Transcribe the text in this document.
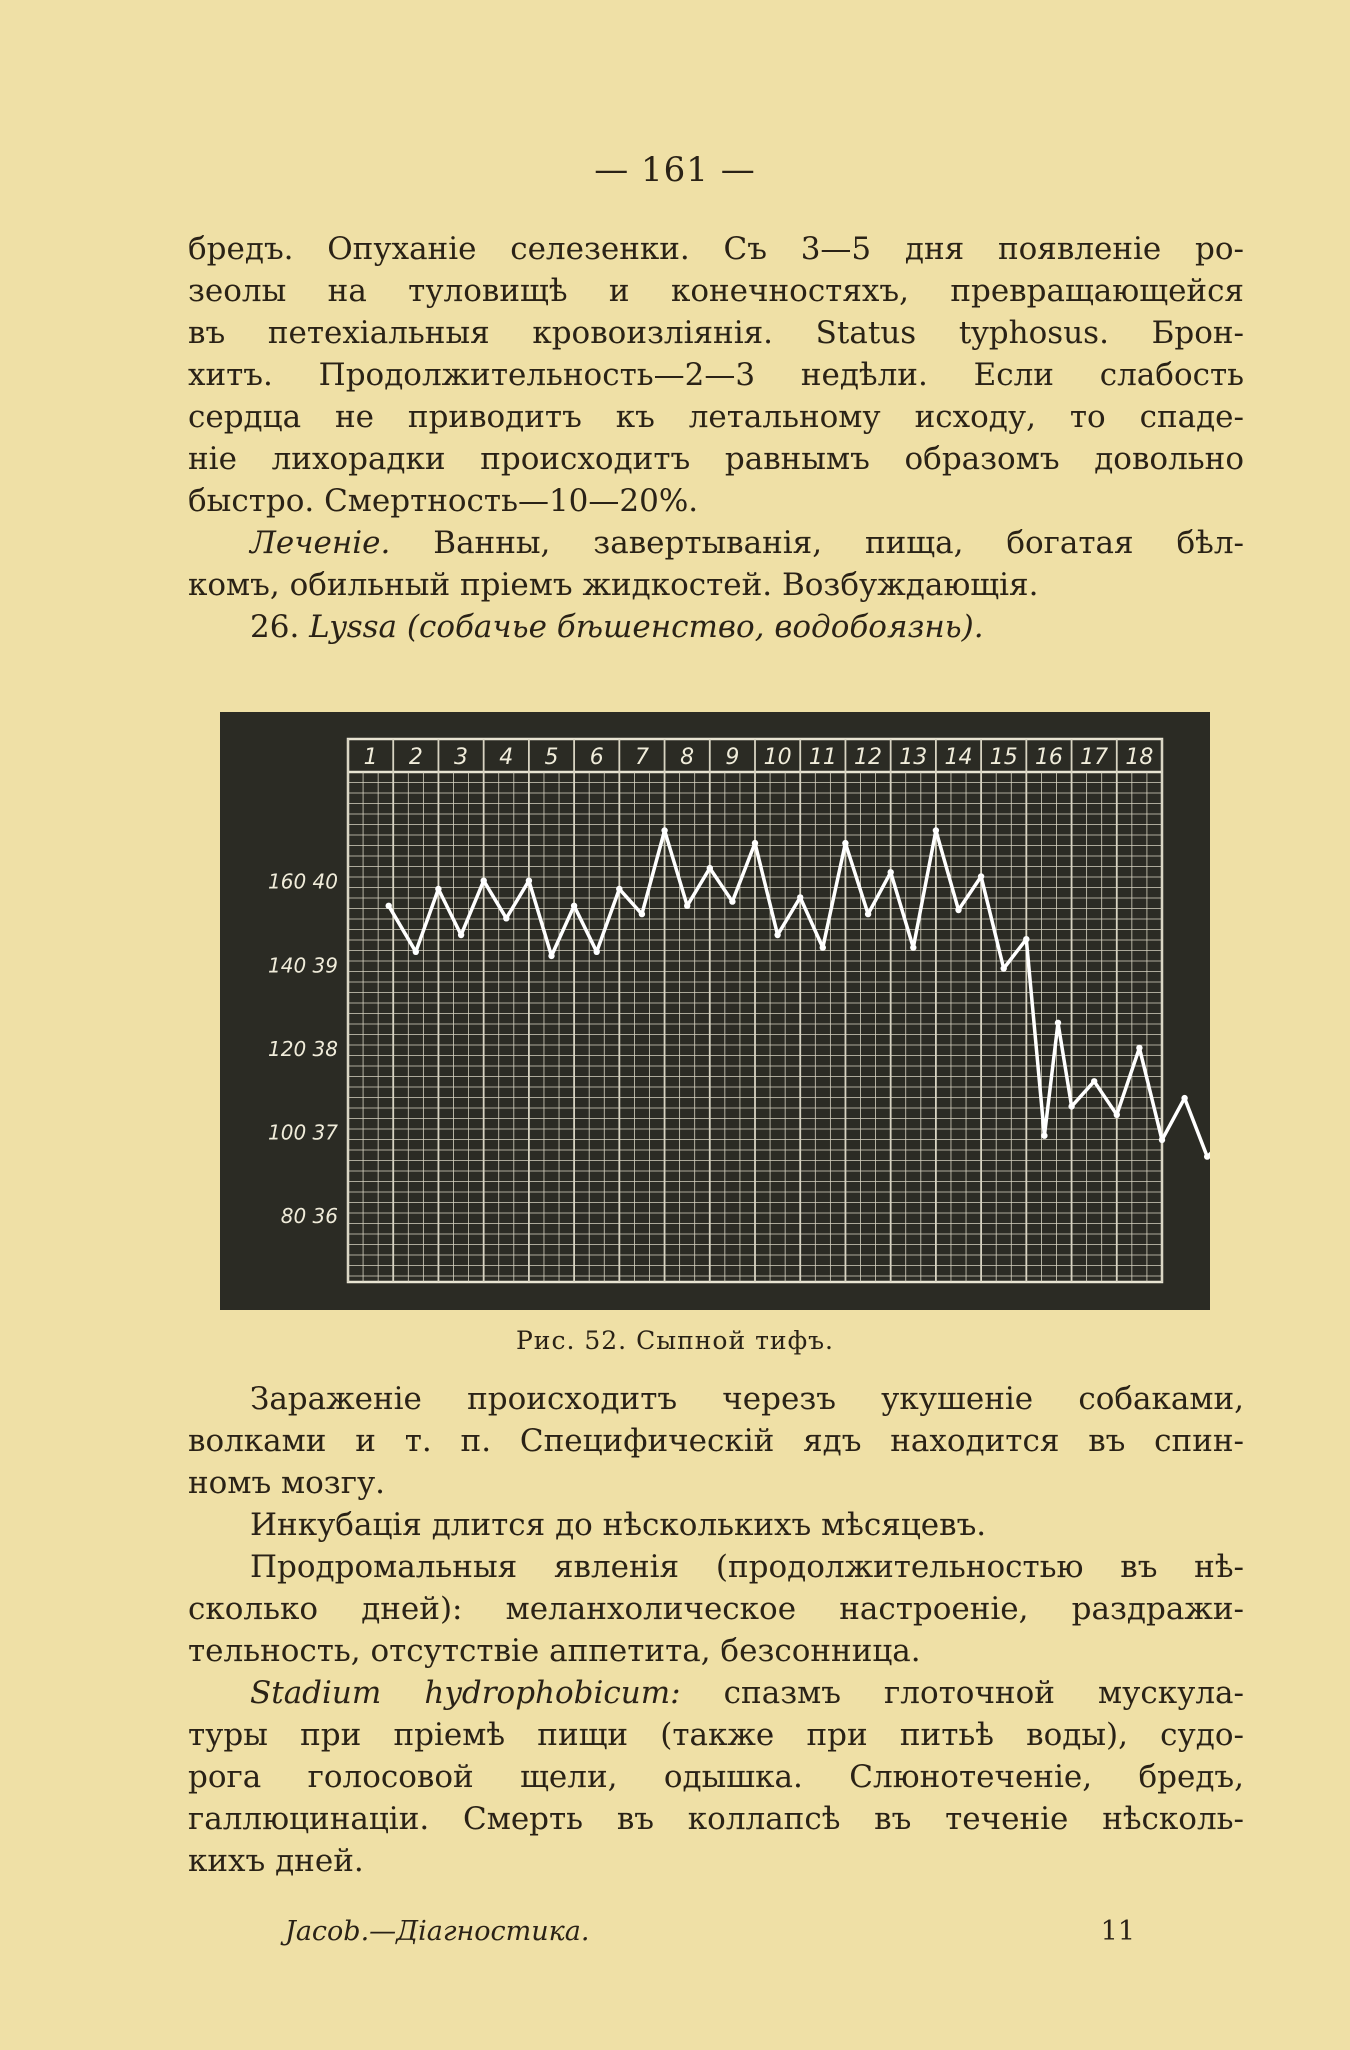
— 161 —
бредъ. Опуханіе селезенки. Съ 3—5 дня появленіе ро-
зеолы на туловищѣ и конечностяхъ, превращающейся
въ петехіальныя кровоизліянія. Status typhosus. Брон-
хитъ. Продолжительность—2—3 недѣли. Если слабость
сердца не приводитъ къ летальному исходу, то спаде-
ніе лихорадки происходитъ равнымъ образомъ довольно
быстро. Смертность—10—20%.
Леченіе. Ванны, завертыванія, пища, богатая бѣл-
комъ, обильный пріемъ жидкостей. Возбуждающія.
26. Lyssa (собачье бѣшенство, водобоязнь).
1 2 3 4 5 6 7 8 9 10 11 12 13 14 15 16 17 18
160 40
140 39
120 38
100 37
80 36
Рис. 52. Сыпной тифъ.
Зараженіе происходитъ черезъ укушеніе собаками,
волками и т. п. Специфическій ядъ находится въ спин-
номъ мозгу.
Инкубація длится до нѣсколькихъ мѣсяцевъ.
Продромальныя явленія (продолжительностью въ нѣ-
сколько дней): меланхолическое настроеніе, раздражи-
тельность, отсутствіе аппетита, безсонница.
Stadium hydrophobicum: спазмъ глоточной мускула-
туры при пріемѣ пищи (также при питьѣ воды), судо-
рога голосовой щели, одышка. Слюнотеченіе, бредъ,
галлюцинаціи. Смерть въ коллапсѣ въ теченіе нѣсколь-
кихъ дней.
Jacob.—Діагностика.	11
